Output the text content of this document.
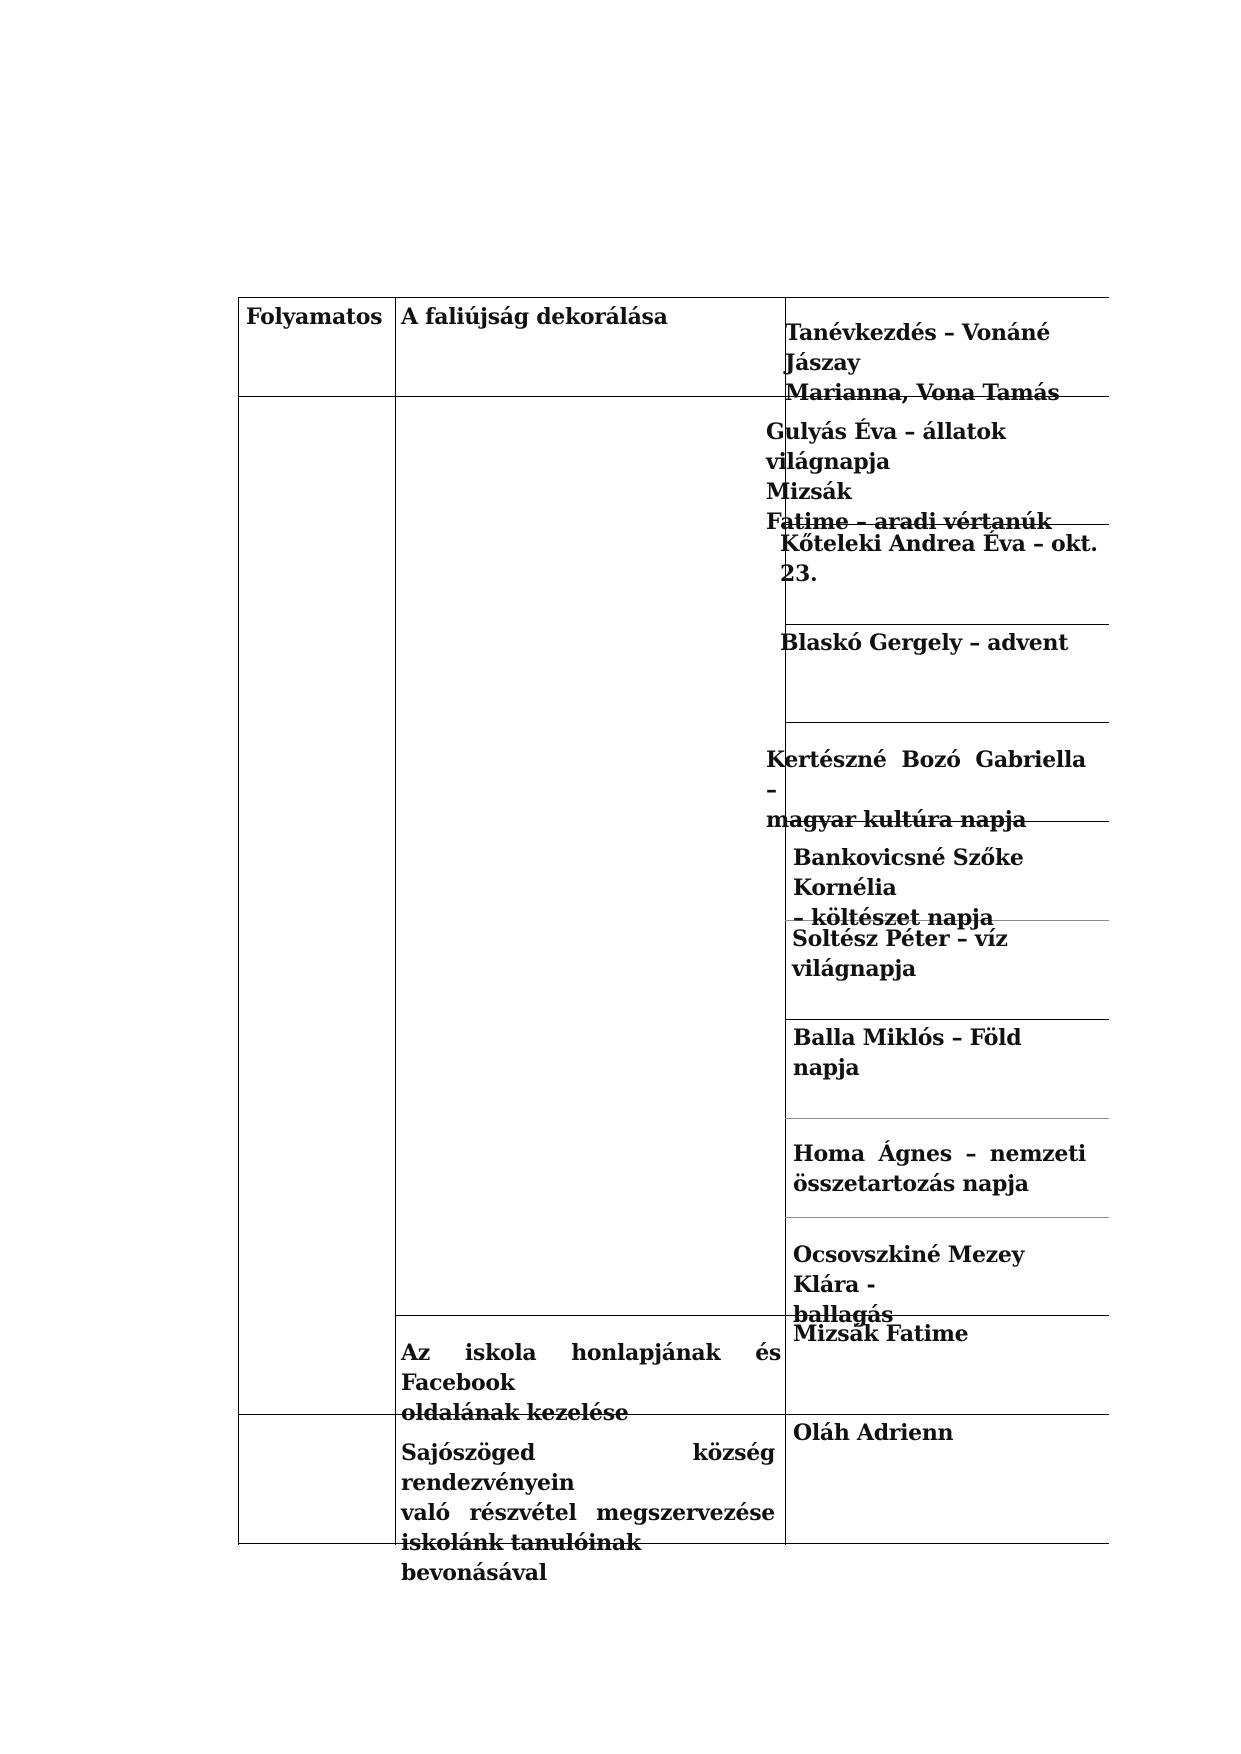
Folyamatos A faliújság dekorálása
Tanévkezdés – Vonáné Jászay
Marianna, Vona Tamás
Gulyás Éva – állatok világnapja
Mizsák
Fatime – aradi vértanúk
Kőteleki Andrea Éva – okt. 23.
Blaskó Gergely – advent
Kertészné Bozó Gabriella –
magyar kultúra napja
Bankovicsné Szőke Kornélia
– költészet napja
Soltész Péter – víz világnapja
Balla Miklós – Föld napja
Homa Ágnes – nemzeti
összetartozás napja
Ocsovszkiné Mezey Klára -
ballagás
Az iskola honlapjának és Facebook
oldalának kezelése
Mizsák Fatime
Sajószöged község rendezvényein
való részvétel megszervezése
iskolánk tanulóinak bevonásával
Oláh Adrienn
